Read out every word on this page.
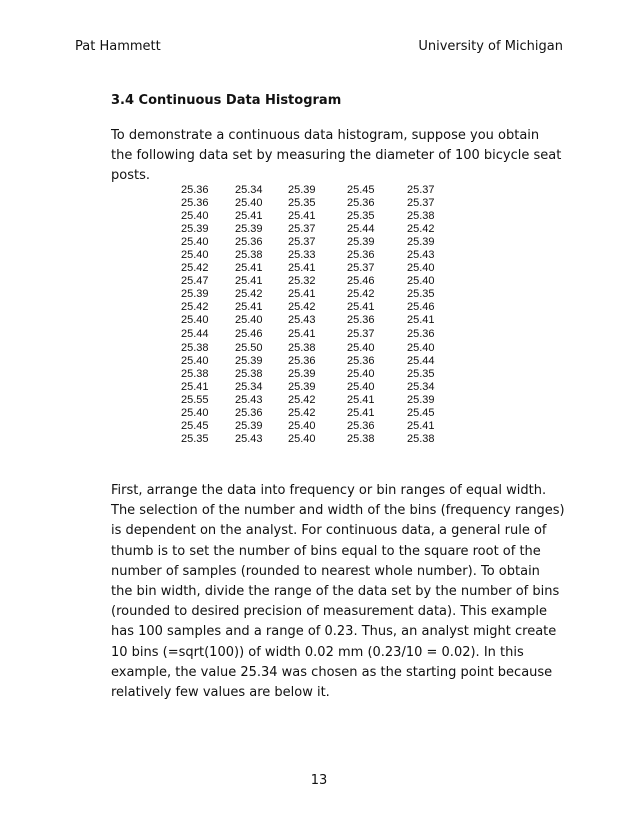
Pat Hammett	University of Michigan
3.4 Continuous Data Histogram
To demonstrate a continuous data histogram, suppose you obtain the following data set by measuring the diameter of 100 bicycle seat posts.
25.36	25.34	25.39	25.45	25.37
25.36	25.40	25.35	25.36	25.37
25.40	25.41	25.41	25.35	25.38
25.39	25.39	25.37	25.44	25.42
25.40	25.36	25.37	25.39	25.39
25.40	25.38	25.33	25.36	25.43
25.42	25.41	25.41	25.37	25.40
25.47	25.41	25.32	25.46	25.40
25.39	25.42	25.41	25.42	25.35
25.42	25.41	25.42	25.41	25.46
25.40	25.40	25.43	25.36	25.41
25.44	25.46	25.41	25.37	25.36
25.38	25.50	25.38	25.40	25.40
25.40	25.39	25.36	25.36	25.44
25.38	25.38	25.39	25.40	25.35
25.41	25.34	25.39	25.40	25.34
25.55	25.43	25.42	25.41	25.39
25.40	25.36	25.42	25.41	25.45
25.45	25.39	25.40	25.36	25.41
25.35	25.43	25.40	25.38	25.38
First, arrange the data into frequency or bin ranges of equal width. The selection of the number and width of the bins (frequency ranges) is dependent on the analyst. For continuous data, a general rule of thumb is to set the number of bins equal to the square root of the number of samples (rounded to nearest whole number). To obtain the bin width, divide the range of the data set by the number of bins (rounded to desired precision of measurement data). This example has 100 samples and a range of 0.23. Thus, an analyst might create 10 bins (=sqrt(100)) of width 0.02 mm (0.23/10 = 0.02). In this example, the value 25.34 was chosen as the starting point because relatively few values are below it.
13
